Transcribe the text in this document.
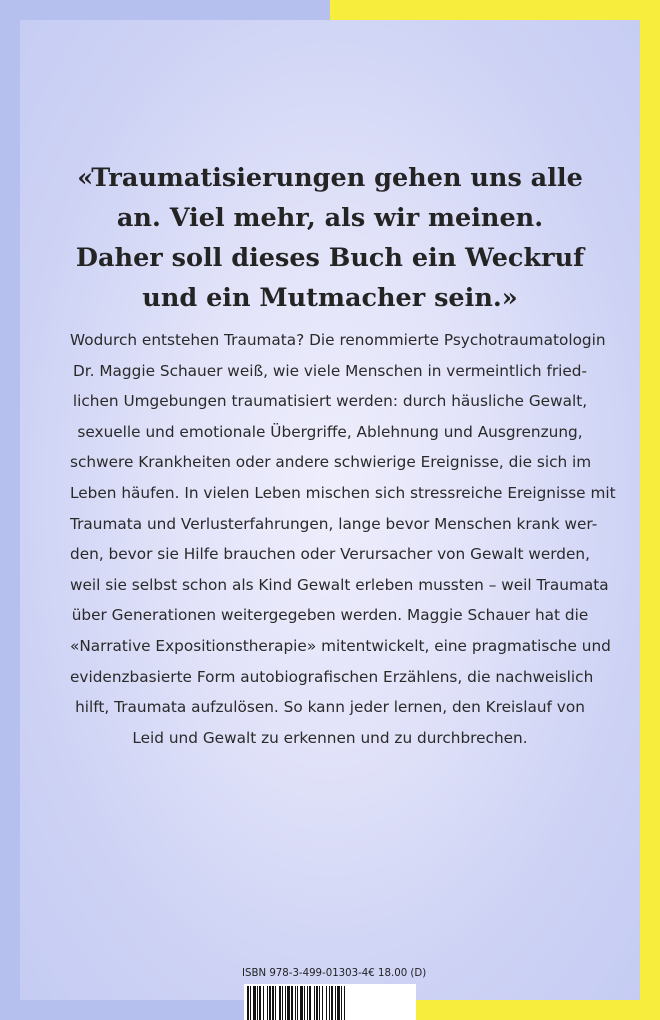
«Traumatisierungen gehen uns alle
an. Viel mehr, als wir meinen.
Daher soll dieses Buch ein Weckruf
und ein Mutmacher sein.»

Wodurch entstehen Traumata? Die renommierte Psychotraumatologin
Dr. Maggie Schauer weiß, wie viele Menschen in vermeintlich fried-
lichen Umgebungen traumatisiert werden: durch häusliche Gewalt,
sexuelle und emotionale Übergriffe, Ablehnung und Ausgrenzung,
schwere Krankheiten oder andere schwierige Ereignisse, die sich im
Leben häufen. In vielen Leben mischen sich stressreiche Ereignisse mit
Traumata und Verlusterfahrungen, lange bevor Menschen krank wer-
den, bevor sie Hilfe brauchen oder Verursacher von Gewalt werden,
weil sie selbst schon als Kind Gewalt erleben mussten – weil Traumata
über Generationen weitergegeben werden. Maggie Schauer hat die
«Narrative Expositionstherapie» mitentwickelt, eine pragmatische und
evidenzbasierte Form autobiografischen Erzählens, die nachweislich
hilft, Traumata aufzulösen. So kann jeder lernen, den Kreislauf von
Leid und Gewalt zu erkennen und zu durchbrechen.

ISBN 978-3-499-01303-4 € 18.00 (D)
